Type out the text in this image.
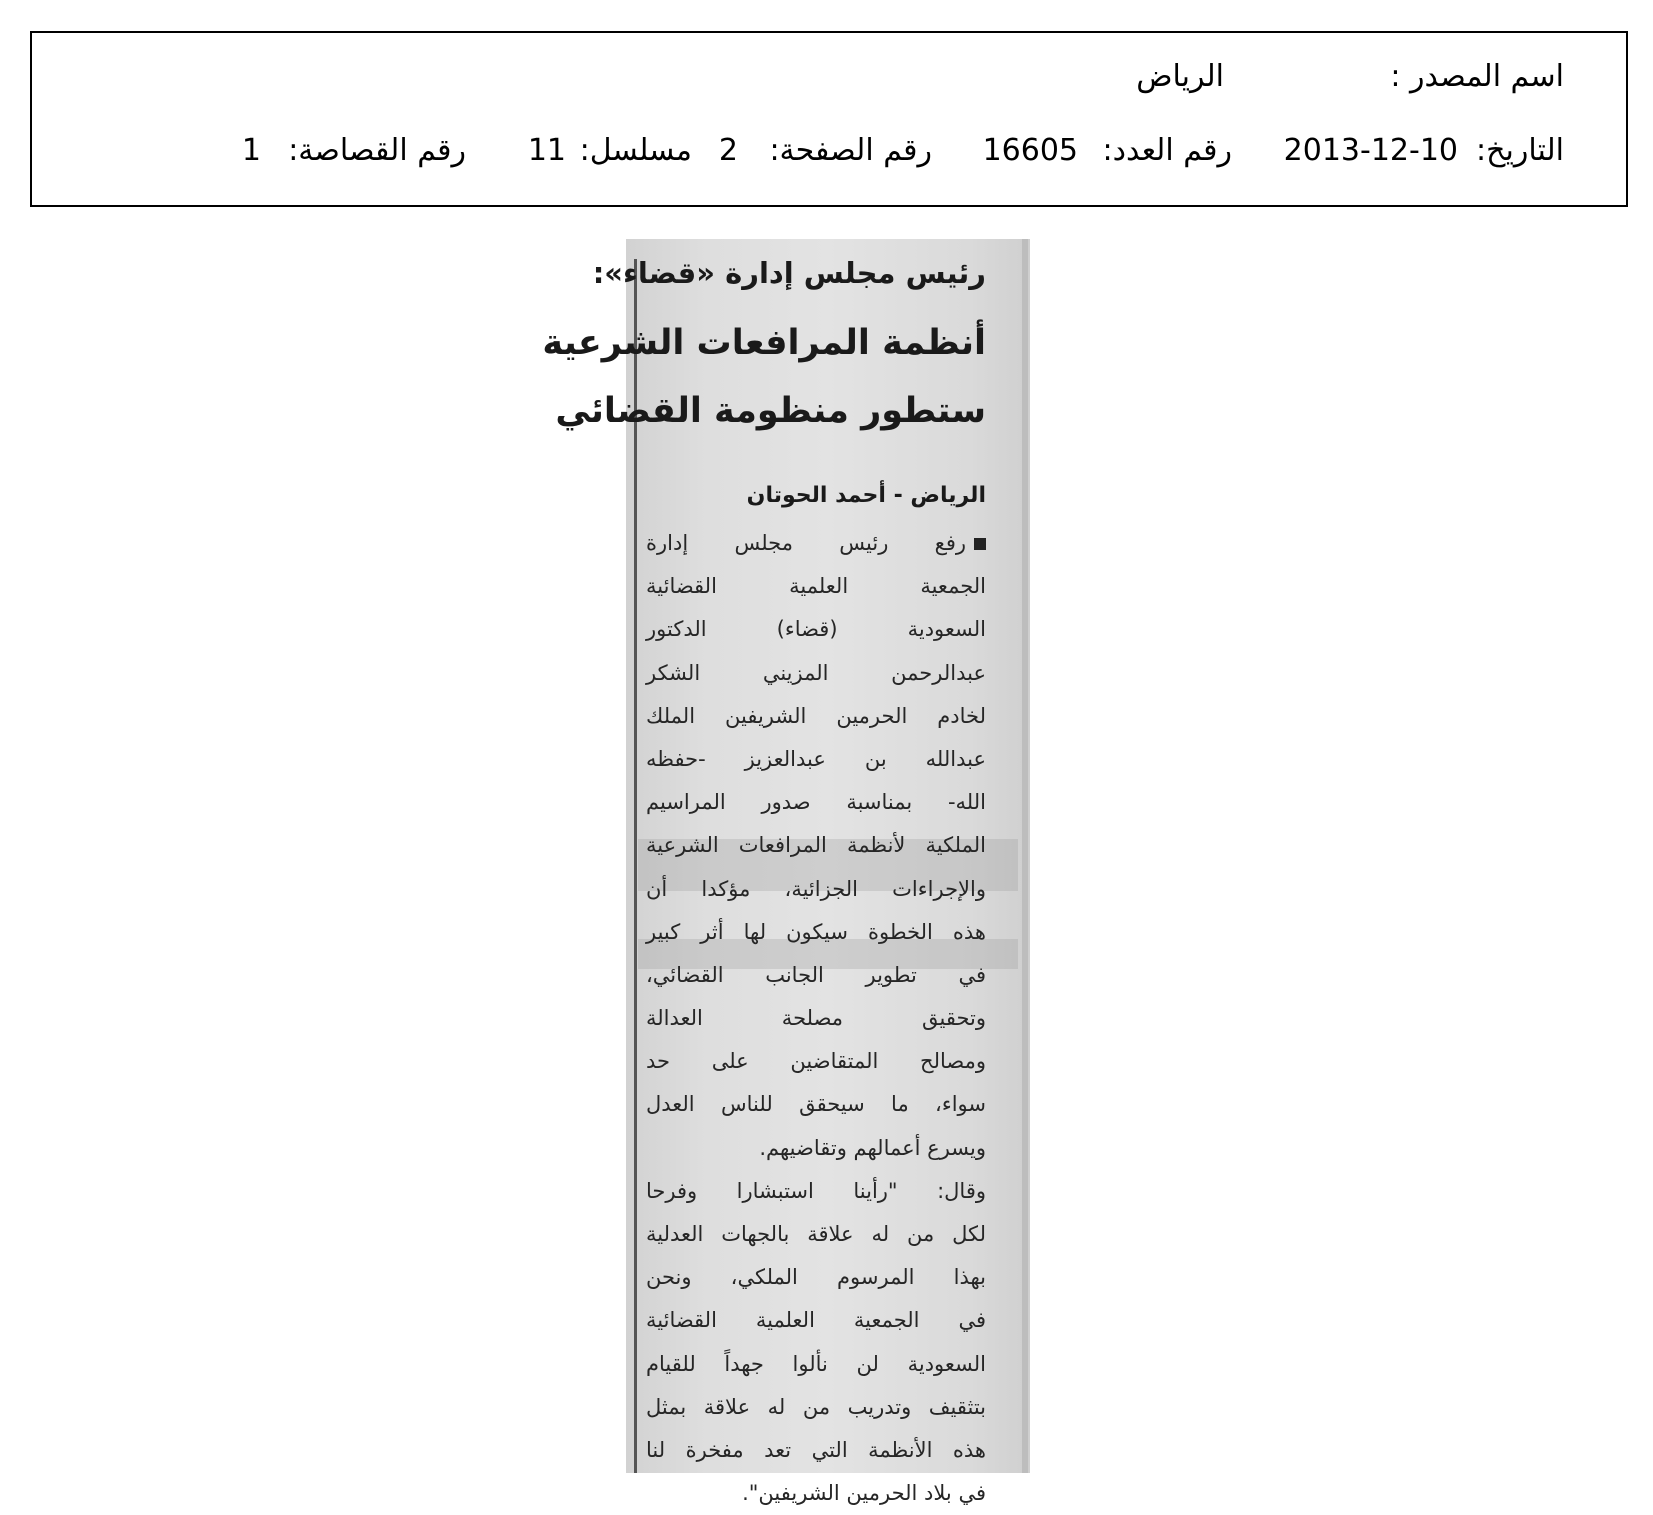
اسم المصدر :
الرياض
التاريخ:
2013-12-10
رقم العدد:
16605
رقم الصفحة:
2
مسلسل:
11
رقم القصاصة:
1
رئيس مجلس إدارة «قضاء»:
أنظمة المرافعات الشرعية
ستطور منظومة القضائي
الرياض - أحمد الحوتان
رفع رئيس مجلس إدارة
الجمعية العلمية القضائية
السعودية (قضاء) الدكتور
عبدالرحمن المزيني الشكر
لخادم الحرمين الشريفين الملك
عبدالله بن عبدالعزيز -حفظه
الله- بمناسبة صدور المراسيم
الملكية لأنظمة المرافعات الشرعية
والإجراءات الجزائية، مؤكدا أن
هذه الخطوة سيكون لها أثر كبير
في تطوير الجانب القضائي،
وتحقيق مصلحة العدالة
ومصالح المتقاضين على حد
سواء، ما سيحقق للناس العدل
ويسرع أعمالهم وتقاضيهم.
وقال: "رأينا استبشارا وفرحا
لكل من له علاقة بالجهات العدلية
بهذا المرسوم الملكي، ونحن
في الجمعية العلمية القضائية
السعودية لن نألوا جهداً للقيام
بتثقيف وتدريب من له علاقة بمثل
هذه الأنظمة التي تعد مفخرة لنا
في بلاد الحرمين الشريفين".
